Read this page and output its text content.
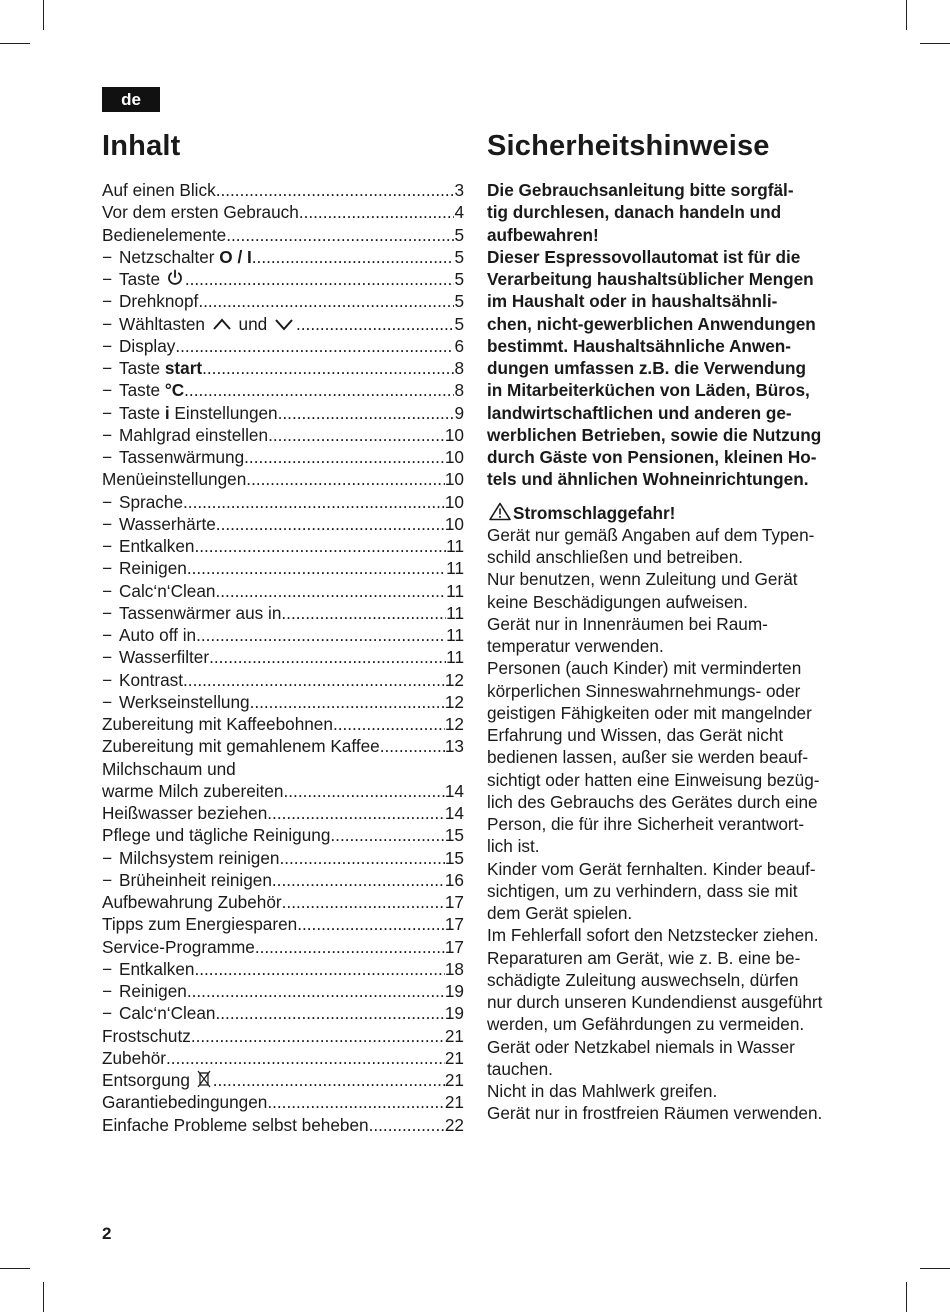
de
Inhalt	Sicherheitshinweise
Auf einen Blick .....	3
Vor dem ersten Gebrauch .....	4
Bedienelemente .....	5
− Netzschalter O / I .....	5
− Taste .....	5
− Drehknopf .....	5
− Wähltasten  und .....	5
− Display .....	6
− Taste start .....	8
− Taste °C .....	8
− Taste i Einstellungen .....	9
− Mahlgrad einstellen .....	10
− Tassenwärmung .....	10
Menüeinstellungen .....	10
− Sprache .....	10
− Wasserhärte .....	10
− Entkalken .....	11
− Reinigen .....	11
− Calc‘n‘Clean .....	11
− Tassenwärmer aus in .....	11
− Auto off in .....	11
− Wasserfilter .....	11
− Kontrast .....	12
− Werkseinstellung .....	12
Zubereitung mit Kaffeebohnen .....	12
Zubereitung mit gemahlenem Kaffee .....	13
Milchschaum und
warme Milch zubereiten .....	14
Heißwasser beziehen .....	14
Pflege und tägliche Reinigung .....	15
− Milchsystem reinigen .....	15
− Brüheinheit reinigen .....	16
Aufbewahrung Zubehör .....	17
Tipps zum Energiesparen .....	17
Service-Programme .....	17
− Entkalken .....	18
− Reinigen .....	19
− Calc‘n‘Clean .....	19
Frostschutz .....	21
Zubehör .....	21
Entsorgung .....	21
Garantiebedingungen .....	21
Einfache Probleme selbst beheben .....	22
Die Gebrauchsanleitung bitte sorgfäl-
tig durchlesen, danach handeln und
aufbewahren!
Dieser Espressovollautomat ist für die
Verarbeitung haushaltsüblicher Mengen
im Haushalt oder in haushaltsähnli-
chen, nicht-gewerblichen Anwendungen
bestimmt. Haushaltsähnliche Anwen-
dungen umfassen z.B. die Verwendung
in Mitarbeiterküchen von Läden, Büros,
landwirtschaftlichen und anderen ge-
werblichen Betrieben, sowie die Nutzung
durch Gäste von Pensionen, kleinen Ho-
tels und ähnlichen Wohneinrichtungen.
Stromschlaggefahr!
Gerät nur gemäß Angaben auf dem Typen-
schild anschließen und betreiben.
Nur benutzen, wenn Zuleitung und Gerät
keine Beschädigungen aufweisen.
Gerät nur in Innenräumen bei Raum-
temperatur verwenden.
Personen (auch Kinder) mit verminderten
körperlichen Sinneswahrnehmungs- oder
geistigen Fähigkeiten oder mit mangelnder
Erfahrung und Wissen, das Gerät nicht
bedienen lassen, außer sie werden beauf-
sichtigt oder hatten eine Einweisung bezüg-
lich des Gebrauchs des Gerätes durch eine
Person, die für ihre Sicherheit verantwort-
lich ist.
Kinder vom Gerät fernhalten. Kinder beauf-
sichtigen, um zu verhindern, dass sie mit
dem Gerät spielen.
Im Fehlerfall sofort den Netzstecker ziehen.
Reparaturen am Gerät, wie z. B. eine be-
schädigte Zuleitung auswechseln, dürfen
nur durch unseren Kundendienst ausgeführt
werden, um Gefährdungen zu vermeiden.
Gerät oder Netzkabel niemals in Wasser
tauchen.
Nicht in das Mahlwerk greifen.
Gerät nur in frostfreien Räumen verwenden.
2
